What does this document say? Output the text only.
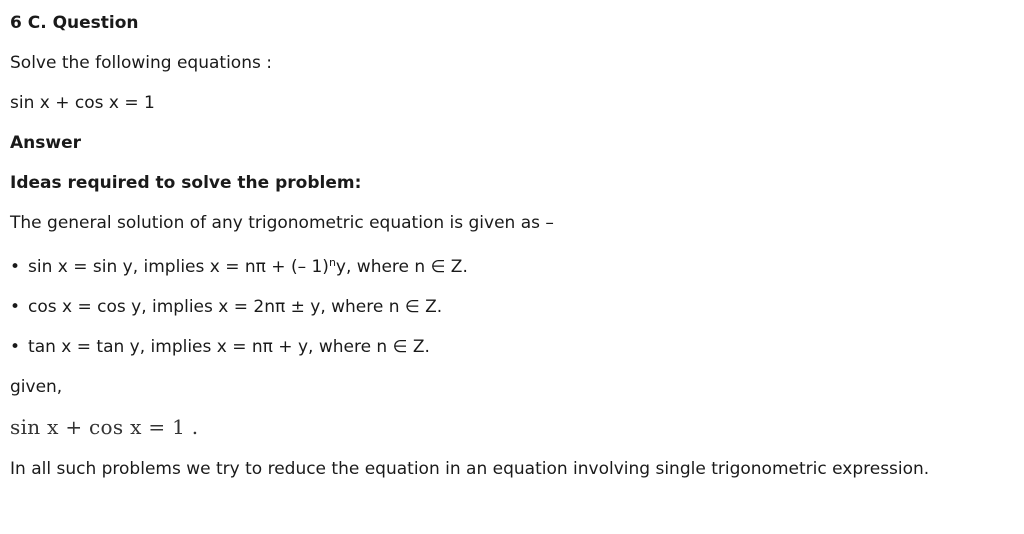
6 C. Question
Solve the following equations :
sin x + cos x = 1
Answer
Ideas required to solve the problem:
The general solution of any trigonometric equation is given as –
• sin x = sin y, implies x = nπ + (– 1)$^n$y, where n ∈ Z.
• cos x = cos y, implies x = 2nπ ± y, where n ∈ Z.
• tan x = tan y, implies x = nπ + y, where n ∈ Z.
given,
sin x + cos x = 1 .
In all such problems we try to reduce the equation in an equation involving single trigonometric expression.
